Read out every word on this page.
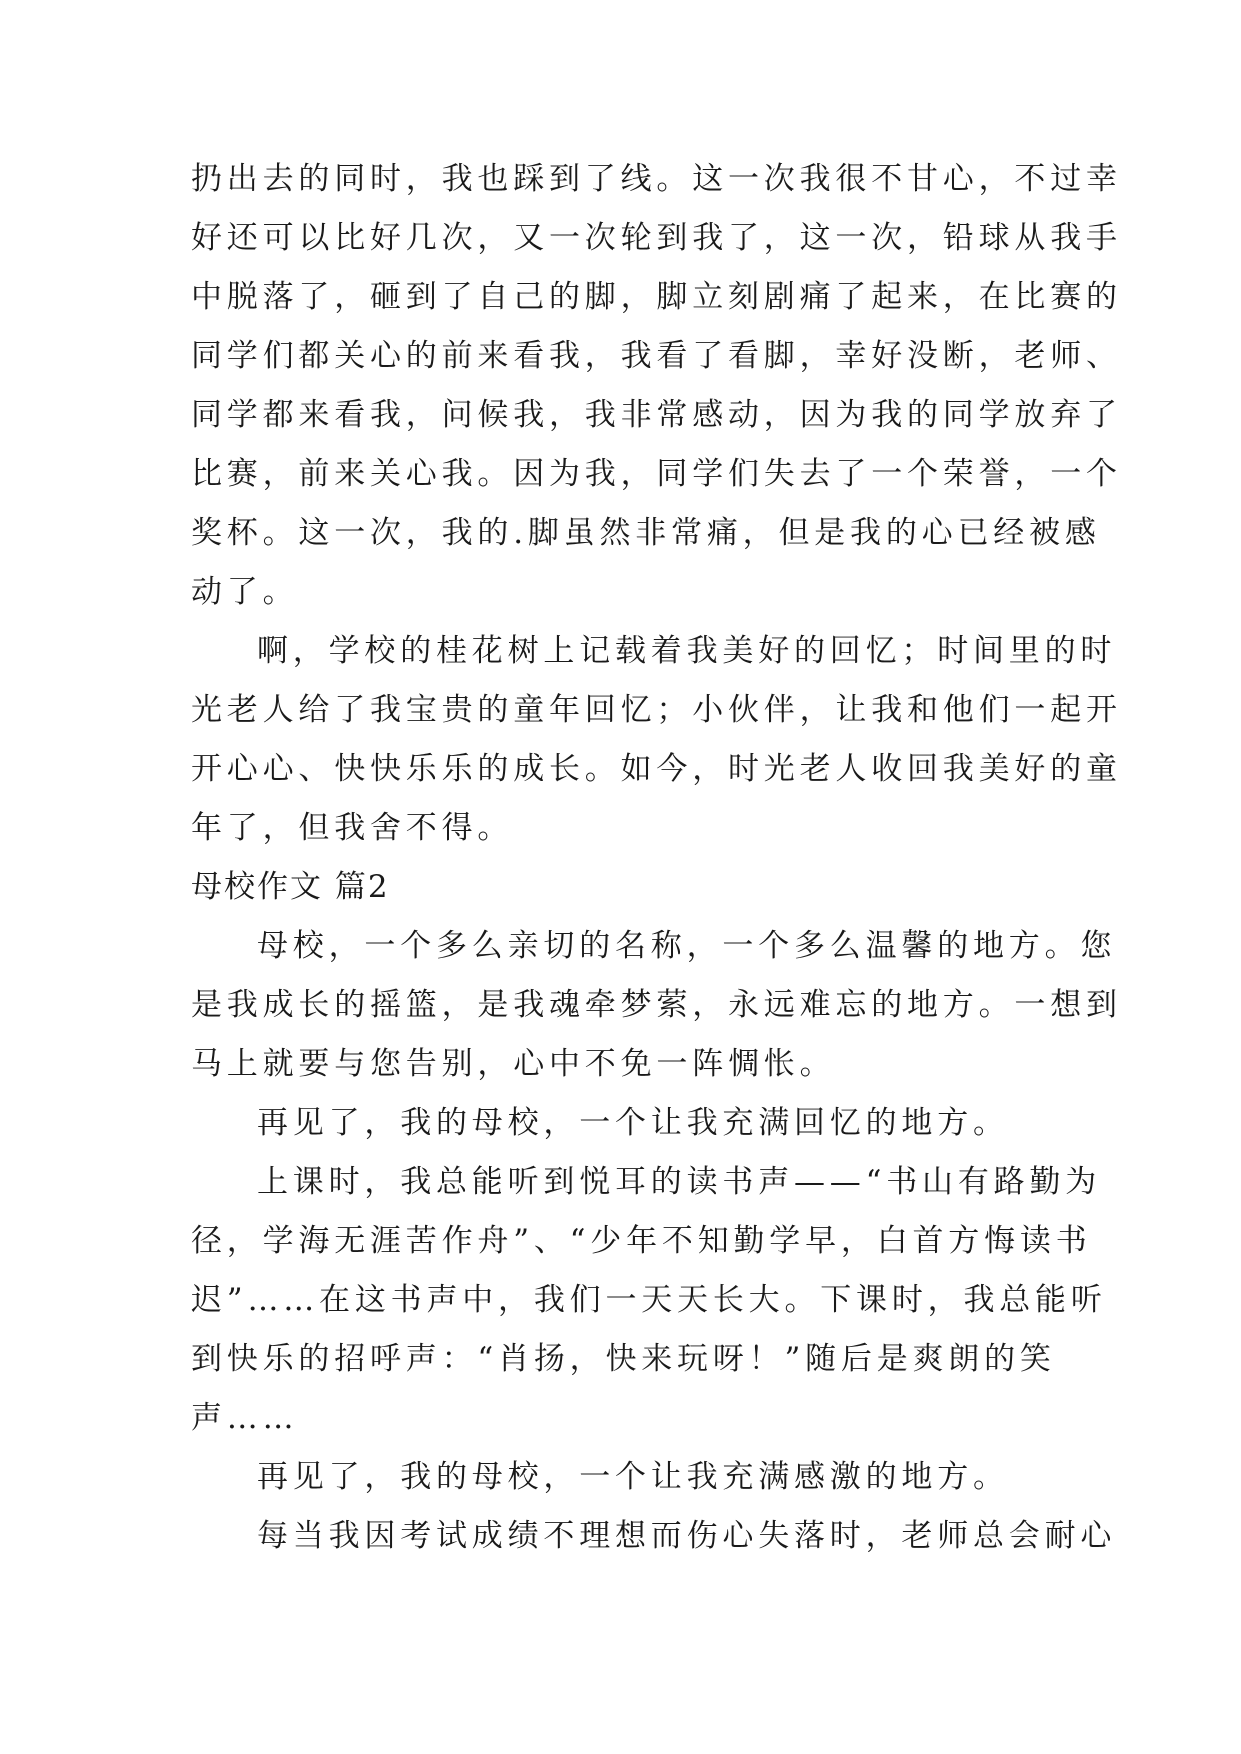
扔出去的同时，我也踩到了线。这一次我很不甘心，不过幸
好还可以比好几次，又一次轮到我了，这一次，铅球从我手
中脱落了，砸到了自己的脚，脚立刻剧痛了起来，在比赛的
同学们都关心的前来看我，我看了看脚，幸好没断，老师、
同学都来看我，问候我，我非常感动，因为我的同学放弃了
比赛，前来关心我。因为我，同学们失去了一个荣誉，一个
奖杯。这一次，我的.脚虽然非常痛，但是我的心已经被感
动了。
啊，学校的桂花树上记载着我美好的回忆；时间里的时
光老人给了我宝贵的童年回忆；小伙伴，让我和他们一起开
开心心、快快乐乐的成长。如今，时光老人收回我美好的童
年了，但我舍不得。
母校作文 篇2
母校，一个多么亲切的名称，一个多么温馨的地方。您
是我成长的摇篮，是我魂牵梦萦，永远难忘的地方。一想到
马上就要与您告别，心中不免一阵惆怅。
再见了，我的母校，一个让我充满回忆的地方。
上课时，我总能听到悦耳的读书声——“书山有路勤为
径，学海无涯苦作舟”、“少年不知勤学早，白首方悔读书
迟”……在这书声中，我们一天天长大。下课时，我总能听
到快乐的招呼声：“肖扬，快来玩呀！”随后是爽朗的笑
声……
再见了，我的母校，一个让我充满感激的地方。
每当我因考试成绩不理想而伤心失落时，老师总会耐心
